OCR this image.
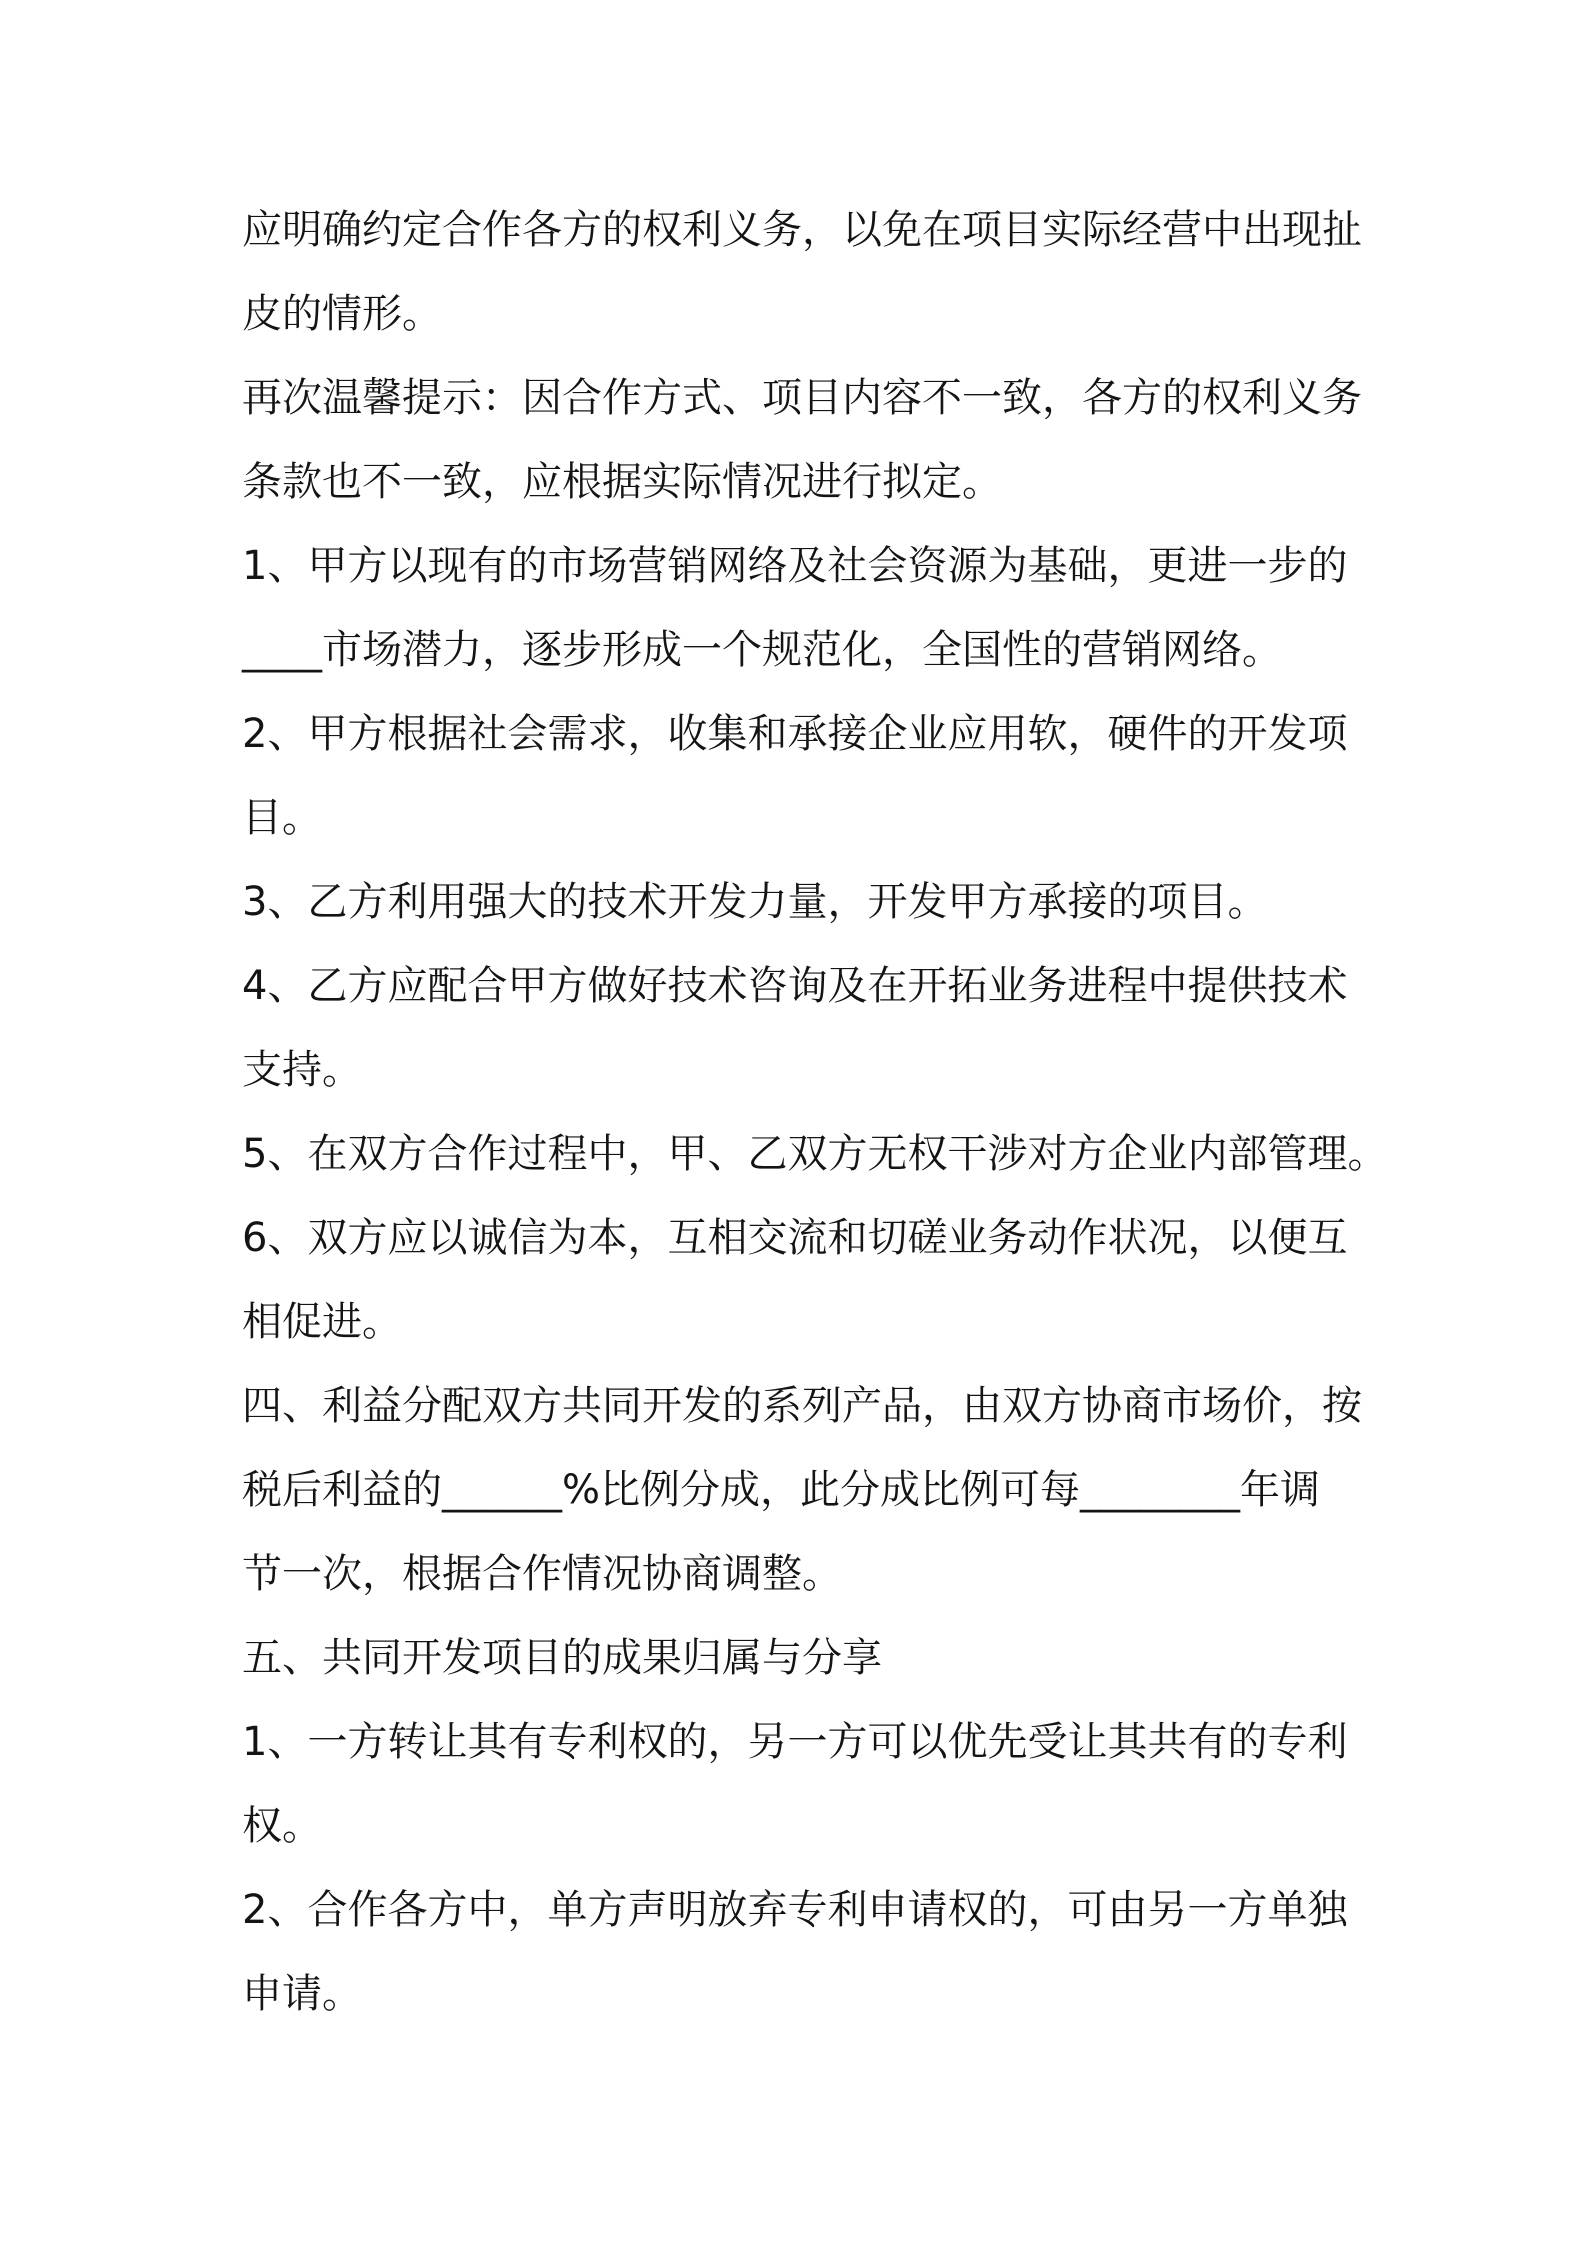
应明确约定合作各方的权利义务，以免在项目实际经营中出现扯
皮的情形。
再次温馨提示：因合作方式、项目内容不一致，各方的权利义务
条款也不一致，应根据实际情况进行拟定。
1、甲方以现有的市场营销网络及社会资源为基础，更进一步的
____市场潜力，逐步形成一个规范化，全国性的营销网络。
2、甲方根据社会需求，收集和承接企业应用软，硬件的开发项
目。
3、乙方利用强大的技术开发力量，开发甲方承接的项目。
4、乙方应配合甲方做好技术咨询及在开拓业务进程中提供技术
支持。
5、在双方合作过程中，甲、乙双方无权干涉对方企业内部管理。
6、双方应以诚信为本，互相交流和切磋业务动作状况，以便互
相促进。
四、利益分配双方共同开发的系列产品，由双方协商市场价，按
税后利益的______%比例分成，此分成比例可每________年调
节一次，根据合作情况协商调整。
五、共同开发项目的成果归属与分享
1、一方转让其有专利权的，另一方可以优先受让其共有的专利
权。
2、合作各方中，单方声明放弃专利申请权的，可由另一方单独
申请。
